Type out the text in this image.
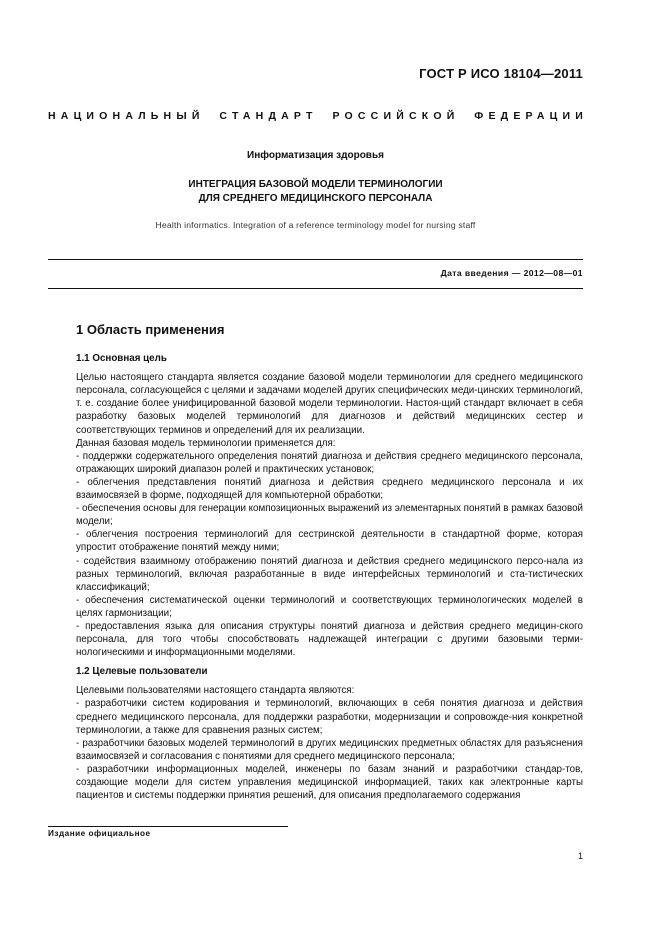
ГОСТ Р ИСО 18104—2011
НАЦИОНАЛЬНЫЙ СТАНДАРТ РОССИЙСКОЙ ФЕДЕРАЦИИ
Информатизация здоровья
ИНТЕГРАЦИЯ БАЗОВОЙ МОДЕЛИ ТЕРМИНОЛОГИИ
ДЛЯ СРЕДНЕГО МЕДИЦИНСКОГО ПЕРСОНАЛА
Health informatics. Integration of a reference terminology model for nursing staff
Дата введения — 2012—08—01
1 Область применения
1.1 Основная цель
Целью настоящего стандарта является создание базовой модели терминологии для среднего медицинского персонала, согласующейся с целями и задачами моделей других специфических меди-цинских терминологий, т. е. создание более унифицированной базовой модели терминологии. Настоя-щий стандарт включает в себя разработку базовых моделей терминологий для диагнозов и действий медицинских сестер и соответствующих терминов и определений для их реализации.
Данная базовая модель терминологии применяется для:
- поддержки содержательного определения понятий диагноза и действия среднего медицинского персонала, отражающих широкий диапазон ролей и практических установок;
- облегчения представления понятий диагноза и действия среднего медицинского персонала и их взаимосвязей в форме, подходящей для компьютерной обработки;
- обеспечения основы для генерации композиционных выражений из элементарных понятий в рамках базовой модели;
- облегчения построения терминологий для сестринской деятельности в стандартной форме, которая упростит отображение понятий между ними;
- содействия взаимному отображению понятий диагноза и действия среднего медицинского персо-нала из разных терминологий, включая разработанные в виде интерфейсных терминологий и ста-тистических классификаций;
- обеспечения систематической оценки терминологий и соответствующих терминологических моделей в целях гармонизации;
- предоставления языка для описания структуры понятий диагноза и действия среднего медицин-ского персонала, для того чтобы способствовать надлежащей интеграции с другими базовыми терми-нологическими и информационными моделями.
1.2 Целевые пользователи
Целевыми пользователями настоящего стандарта являются:
- разработчики систем кодирования и терминологий, включающих в себя понятия диагноза и действия среднего медицинского персонала, для поддержки разработки, модернизации и сопровожде-ния конкретной терминологии, а также для сравнения разных систем;
- разработчики базовых моделей терминологий в других медицинских предметных областях для разъяснения взаимосвязей и согласования с понятиями для среднего медицинского персонала;
- разработчики информационных моделей, инженеры по базам знаний и разработчики стандар-тов, создающие модели для систем управления медицинской информацией, таких как электронные карты пациентов и системы поддержки принятия решений, для описания предполагаемого содержания
Издание официальное
1
